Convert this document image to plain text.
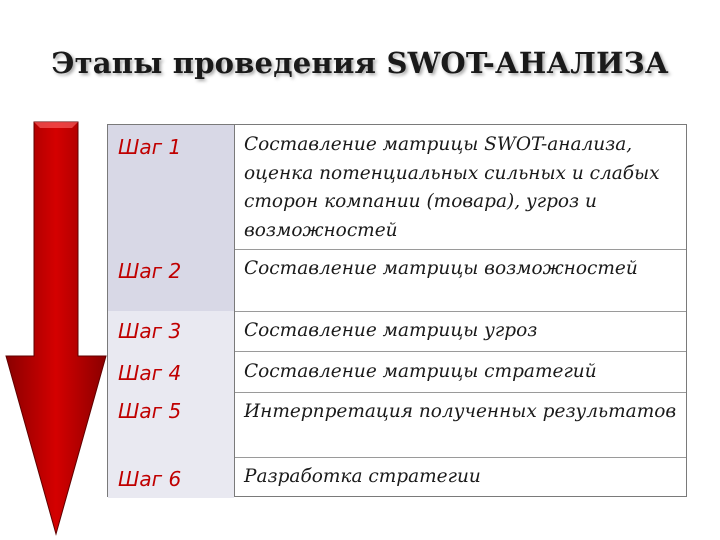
Этапы проведения SWOT-АНАЛИЗА
Шаг 1
Шаг 2
Шаг 3
Шаг 4
Шаг 5
Шаг 6
Составление матрицы SWOT-анализа, оценка потенциальных сильных и слабых сторон компании (товара), угроз и возможностей
Составление матрицы возможностей
Составление матрицы угроз
Составление матрицы стратегий
Интерпретация полученных результатов
Разработка стратегии
